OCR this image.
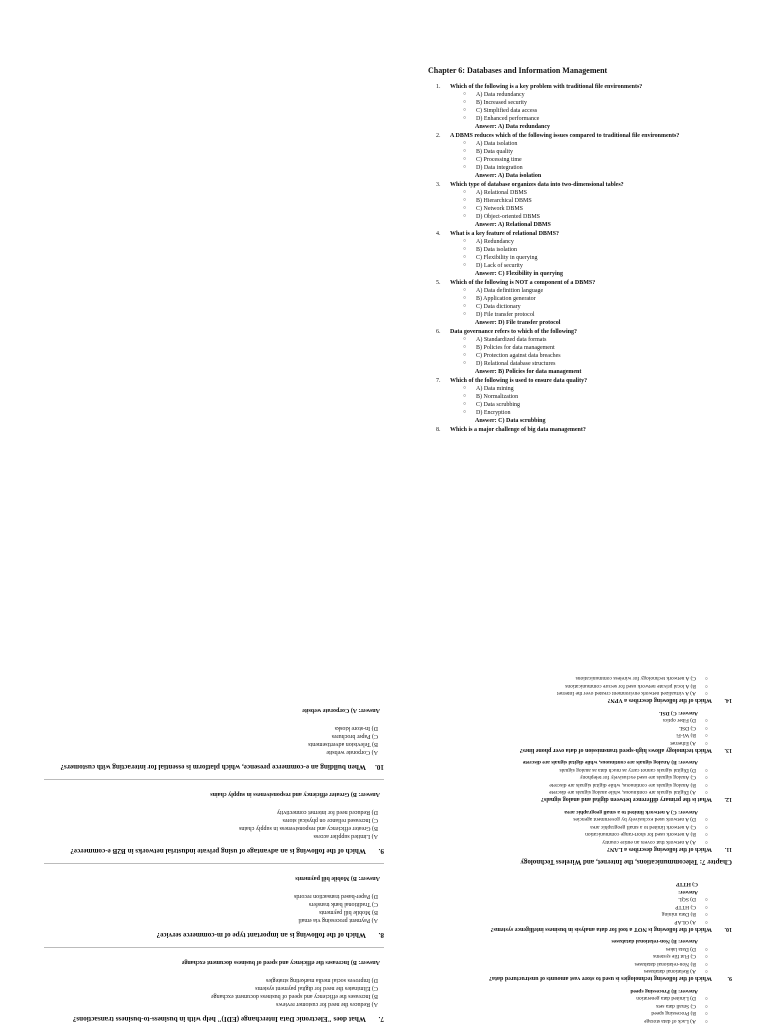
Chapter 6: Databases and Information Management
1. Which of the following is a key problem with traditional file environments?
○ A) Data redundancy
○ B) Increased security
○ C) Simplified data access
○ D) Enhanced performance
Answer: A) Data redundancy
2. A DBMS reduces which of the following issues compared to traditional file environments?
○ A) Data isolation
○ B) Data quality
○ C) Processing time
○ D) Data integration
Answer: A) Data isolation
3. Which type of database organizes data into two-dimensional tables?
○ A) Relational DBMS
○ B) Hierarchical DBMS
○ C) Network DBMS
○ D) Object-oriented DBMS
Answer: A) Relational DBMS
4. What is a key feature of relational DBMS?
○ A) Redundancy
○ B) Data isolation
○ C) Flexibility in querying
○ D) Lack of security
Answer: C) Flexibility in querying
5. Which of the following is NOT a component of a DBMS?
○ A) Data definition language
○ B) Application generator
○ C) Data dictionary
○ D) File transfer protocol
Answer: D) File transfer protocol
6. Data governance refers to which of the following?
○ A) Standardized data formats
○ B) Policies for data management
○ C) Protection against data breaches
○ D) Relational database structures
Answer: B) Policies for data management
7. Which of the following is used to ensure data quality?
○ A) Data mining
○ B) Normalization
○ C) Data scrubbing
○ D) Encryption
Answer: C) Data scrubbing
8. Which is a major challenge of big data management?
○ A) Lack of data storage
○ B) Processing speed
○ C) Small data sets
○ D) Limited data generation
Answer: B) Processing speed
9.
Which of the following technologies is used to store vast amounts of unstructured data?
○ A) Relational databases
○ B) Non-relational databases
○ C) Flat file systems
○ D) Data lakes
Answer: B) Non-relational databases
10.
Which of the following is NOT a tool for data analysis in business intelligence systems?
○ A) OLAP
○ B) Data mining
○ C) HTTP
○ D) SQL
Answer:
C) HTTP
Chapter 7: Telecommunications, the Internet, and Wireless Technology
11.
Which of the following describes a LAN?
○ A) A network that covers an entire country
○ B) A network used for short-range communication
○ C) A network limited to a small geographic area
○ D) A network used exclusively by government agencies
Answer: C) A network limited to a small geographic area
12.
What is the primary difference between digital and analog signals?
○ A) Digital signals are continuous, while analog signals are discrete
○ B) Analog signals are continuous, while digital signals are discrete
○ C) Analog signals are used exclusively for telephony
○ D) Digital signals cannot carry as much data as analog signals
Answer: B) Analog signals are continuous, while digital signals are discrete
13.
Which technology allows high-speed transmission of data over phone lines?
○ A) Ethernet
○ B) Wi-Fi
○ C) DSL
○ D) Fiber optics
Answer: C) DSL
14.
Which of the following describes a VPN?
○ A) A virtualized network environment created over the Internet
○ B) A local private network used for secure communications
○ C) A network technology for wireless communications
7.
What does "Electronic Data Interchange (EDI)" help with in business-to-business transactions?
A) Reduces the need for customer reviews
B) Increases the efficiency and speed of business document exchange
C) Eliminates the need for digital payment systems
D) Improves social media marketing strategies
Answer: B) Increases the efficiency and speed of business document exchange
8.
Which of the following is an important type of m-commerce service?
A) Payment processing via email
B) Mobile bill payments
C) Traditional bank transfers
D) Paper-based transaction records
Answer: B) Mobile bill payments
9.
Which of the following is an advantage of using private industrial networks in B2B e-commerce?
A) Limited supplier access
B) Greater efficiency and responsiveness in supply chains
C) Increased reliance on physical stores
D) Reduced need for internet connectivity
Answer: B) Greater efficiency and responsiveness in supply chains
10.
When building an e-commerce presence, which platform is essential for interacting with customers?
A) Corporate website
B) Television advertisements
C) Paper brochures
D) In-store kiosks
Answer: A) Corporate website
